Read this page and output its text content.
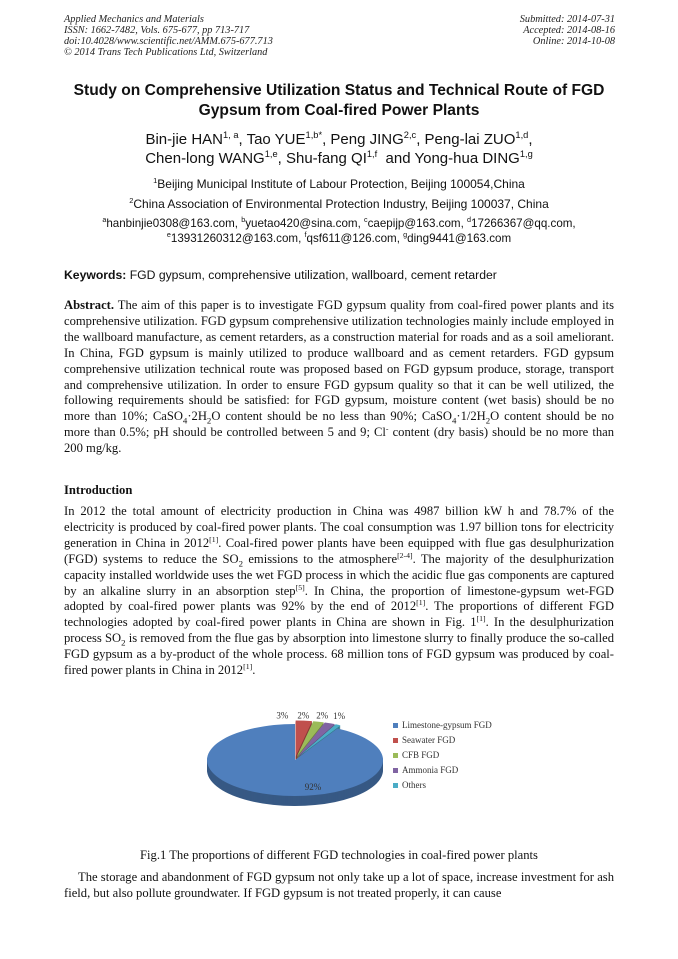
Applied Mechanics and Materials
ISSN: 1662-7482, Vols. 675-677, pp 713-717
doi:10.4028/www.scientific.net/AMM.675-677.713
© 2014 Trans Tech Publications Ltd, Switzerland
Submitted: 2014-07-31
Accepted: 2014-08-16
Online: 2014-10-08
Study on Comprehensive Utilization Status and Technical Route of FGD
Gypsum from Coal-fired Power Plants
Bin-jie HAN$^{1, a}$, Tao $YUE^{1,b*}$, Peng JING$^{2,c}$, Peng-lai ZUO$^{1,d}$,
Chen-long WANG$^{1,e}$, Shu-fang QI$^{1,f}$  and Yong-hua DING$^{1,g}$
$^1$Beijing Municipal Institute of Labour Protection, Beijing 100054,China
$^2$China Association of Environmental Protection Industry, Beijing 100037, China
$^a$hanbinjie0308@163.com, $^b$yuetao420@sina.com, $^c$caepijp@163.com, $^d$17266367@qq.com,
$^e$13931260312@163.com, $^f$qsf611@126.com, $^g$ding9441@163.com
Keywords: FGD gypsum, comprehensive utilization, wallboard, cement retarder
Abstract. The aim of this paper is to investigate FGD gypsum quality from coal-fired power plants and its comprehensive utilization. FGD gypsum comprehensive utilization technologies mainly include employed in the wallboard manufacture, as cement retarders, as a construction material for roads and as a soil ameliorant. In China, FGD gypsum is mainly utilized to produce wallboard and as cement retarders. FGD gypsum comprehensive utilization technical route was proposed based on FGD gypsum produce, storage, transport and comprehensive utilization. In order to ensure FGD gypsum quality so that it can be well utilized, the following requirements should be satisfied: for FGD gypsum, moisture content (wet basis) should be no more than 10%; $CaSO_4\cdot 2H_2O$ content should be no less than 90%; $CaSO_4\cdot 1/2H_2O$ content should be no more than 0.5%; pH should be controlled between 5 and 9; Cl- content (dry basis) should be no more than 200 mg/kg.
Introduction
In 2012 the total amount of electricity production in China was 4987 billion kW h and 78.7% of the electricity is produced by coal-fired power plants. The coal consumption was 1.97 billion tons for electricity generation in China in 2012[1]. Coal-fired power plants have been equipped with flue gas desulphurization (FGD) systems to reduce the $SO_2$ emissions to the atmosphere[2-4]. The majority of the desulphurization capacity installed worldwide uses the wet FGD process in which the acidic flue gas components are captured by an alkaline slurry in an absorption step[5]. In China, the proportion of limestone-gypsum wet-FGD adopted by coal-fired power plants was 92% by the end of 2012[1]. The proportions of different FGD technologies adopted by coal-fired power plants in China are shown in Fig. 1[1]. In the desulphurization process $SO_2$ is removed from the flue gas by absorption into limestone slurry to finally produce the so-called FGD gypsum as a by-product of the whole process. 68 million tons of FGD gypsum was produced by coal-fired power plants in China in 2012[1].
92%
3% 2% 2% 1%
Limestone-gypsum FGD
Seawater FGD
CFB FGD
Ammonia FGD
Others
Fig.1 The proportions of different FGD technologies in coal-fired power plants
The storage and abandonment of FGD gypsum not only take up a lot of space, increase investment for ash field, but also pollute groundwater. If FGD gypsum is not treated properly, it can cause
